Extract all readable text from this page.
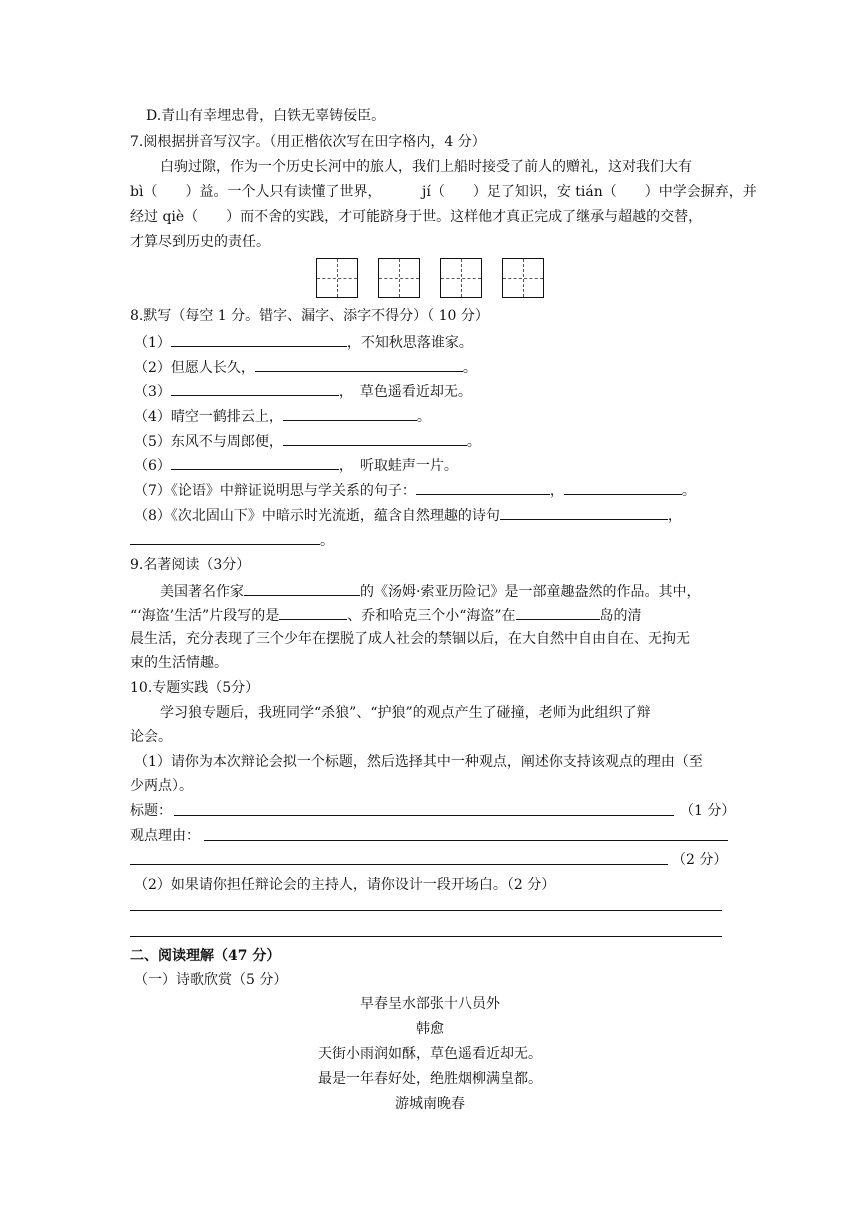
D.青山有幸埋忠骨，白铁无辜铸佞臣。
7.阅根据拼音写汉字。（用正楷依次写在田字格内，4 分）
白驹过隙，作为一个历史长河中的旅人，我们上船时接受了前人的赠礼，这对我们大有
bì（　　）益。一个人只有读懂了世界，	jí（　　）足了知识，安 tián（　　）中学会摒弃，并
经过 qiè（　　）而不舍的实践，才可能跻身于世。这样他才真正完成了继承与超越的交替，
才算尽到历史的责任。
8.默写（每空 1 分。错字、漏字、添字不得分）（ 10 分）
（1）	，不知秋思落谁家。
（2）但愿人长久，	。
（3）	，　草色遥看近却无。
（4）晴空一鹤排云上，	。
（5）东风不与周郎便，	。
（6）	，　听取蛙声一片。
（7）《论语》中辩证说明思与学关系的句子：	，	。
（8）《次北固山下》中暗示时光流逝，蕴含自然理趣的诗句	，
。
9.名著阅读（3分）
美国著名作家	的《汤姆·索亚历险记》是一部童趣盎然的作品。其中，
“‘海盗’生活”片段写的是	、乔和哈克三个小“海盗”在	岛的清
晨生活，充分表现了三个少年在摆脱了成人社会的禁锢以后，在大自然中自由自在、无拘无
束的生活情趣。
10.专题实践（5分）
学习狼专题后，我班同学“杀狼”、“护狼”的观点产生了碰撞，老师为此组织了辩
论会。
（1）请你为本次辩论会拟一个标题，然后选择其中一种观点，阐述你支持该观点的理由（至
少两点）。
标题：	（1 分）
观点理由：
（2 分）
（2）如果请你担任辩论会的主持人，请你设计一段开场白。（2 分）
二、阅读理解（47 分）
（一）诗歌欣赏（5 分）
早春呈水部张十八员外
韩愈
天街小雨润如酥，草色遥看近却无。
最是一年春好处，绝胜烟柳满皇都。
游城南晚春
